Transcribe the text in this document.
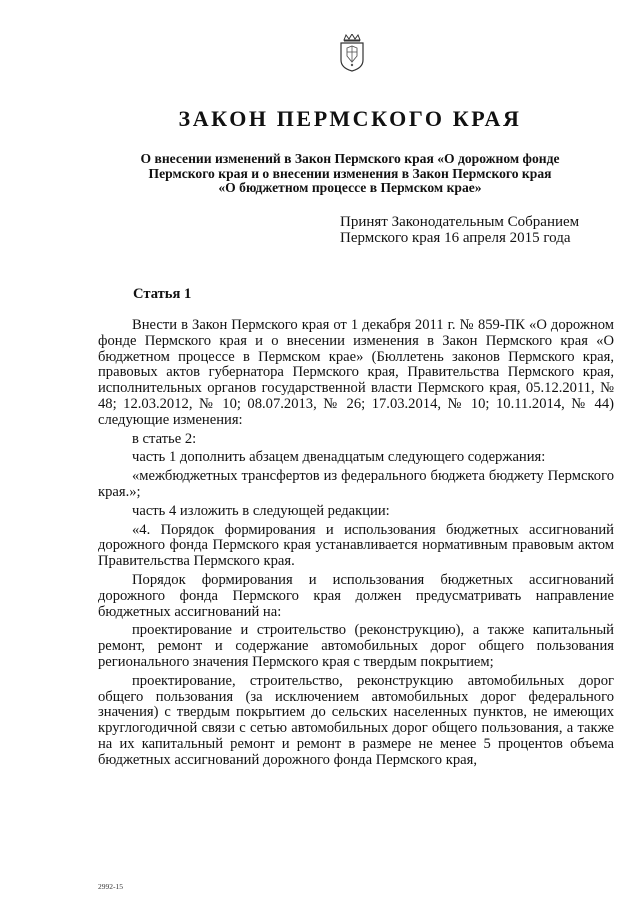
ЗАКОН ПЕРМСКОГО КРАЯ
О внесении изменений в Закон Пермского края «О дорожном фонде
Пермского края и о внесении изменения в Закон Пермского края
«О бюджетном процессе в Пермском крае»
Принят Законодательным Собранием
Пермского края 16 апреля 2015 года
Статья 1

Внести в Закон Пермского края от 1 декабря 2011 г. № 859-ПК «О дорожном фонде Пермского края и о внесении изменения в Закон Пермского края «О бюджетном процессе в Пермском крае» (Бюллетень законов Пермского края, правовых актов губернатора Пермского края, Правительства Пермского края, исполнительных органов государственной власти Пермского края, 05.12.2011, № 48; 12.03.2012, № 10; 08.07.2013, № 26; 17.03.2014, № 10; 10.11.2014, № 44) следующие изменения:

в статье 2:

часть 1 дополнить абзацем двенадцатым следующего содержания:

«межбюджетных трансфертов из федерального бюджета бюджету Пермского края.»;

часть 4 изложить в следующей редакции:

«4. Порядок формирования и использования бюджетных ассигнований дорожного фонда Пермского края устанавливается нормативным правовым актом Правительства Пермского края.

Порядок формирования и использования бюджетных ассигнований дорожного фонда Пермского края должен предусматривать направление бюджетных ассигнований на:

проектирование и строительство (реконструкцию), а также капитальный ремонт, ремонт и содержание автомобильных дорог общего пользования регионального значения Пермского края с твердым покрытием;

проектирование, строительство, реконструкцию автомобильных дорог общего пользования (за исключением автомобильных дорог федерального значения) с твердым покрытием до сельских населенных пунктов, не имеющих круглогодичной связи с сетью автомобильных дорог общего пользования, а также на их капитальный ремонт и ремонт в размере не менее 5 процентов объема бюджетных ассигнований дорожного фонда Пермского края,

2992-15
